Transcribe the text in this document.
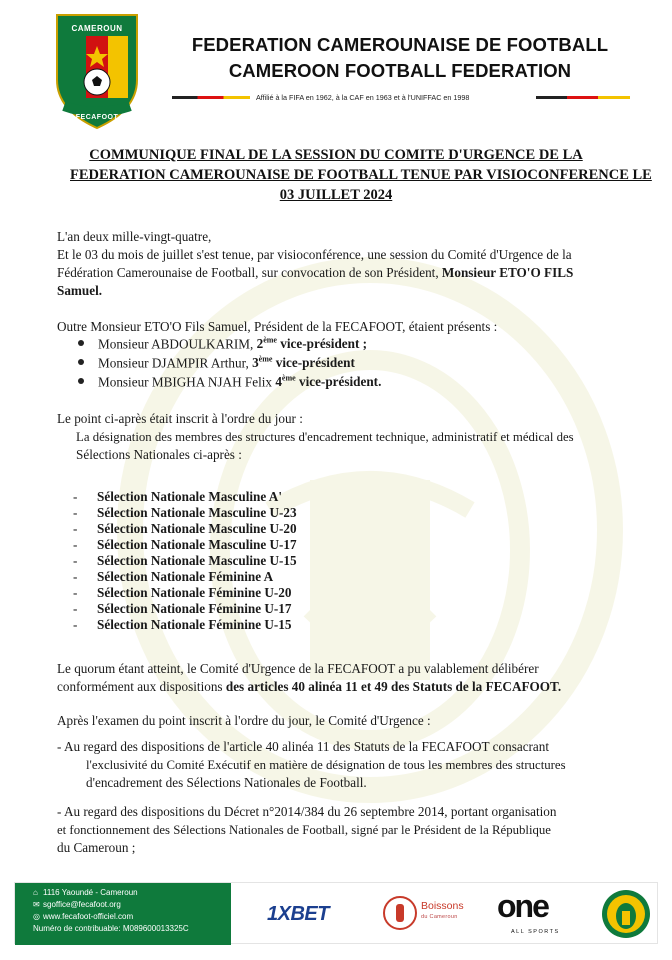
CAMEROUN
FECAFOOT
FEDERATION CAMEROUNAISE DE FOOTBALL
CAMEROON FOOTBALL FEDERATION
Affilié à la FIFA en 1962, à la CAF en 1963 et à l'UNIFFAC en 1998
COMMUNIQUE FINAL DE LA SESSION DU COMITE D'URGENCE DE LA
FEDERATION CAMEROUNAISE DE FOOTBALL TENUE PAR VISIOCONFERENCE LE
03 JUILLET 2024
L'an deux mille-vingt-quatre,
Et le 03 du mois de juillet s'est tenue, par visioconférence, une session du Comité d'Urgence de la
Fédération Camerounaise de Football, sur convocation de son Président, Monsieur ETO'O FILS
Samuel.
Outre Monsieur ETO'O Fils Samuel, Président de la FECAFOOT, étaient présents :
Monsieur ABDOULKARIM, 2ème vice-président ;
Monsieur DJAMPIR Arthur, 3ème vice-président
Monsieur MBIGHA NJAH Felix 4ème vice-président.
Le point ci-après était inscrit à l'ordre du jour :
La désignation des membres des structures d'encadrement technique, administratif et médical des
Sélections Nationales ci-après :
- Sélection Nationale Masculine A'
- Sélection Nationale Masculine U-23
- Sélection Nationale Masculine U-20
- Sélection Nationale Masculine U-17
- Sélection Nationale Masculine U-15
- Sélection Nationale Féminine A
- Sélection Nationale Féminine U-20
- Sélection Nationale Féminine U-17
- Sélection Nationale Féminine U-15
Le quorum étant atteint, le Comité d'Urgence de la FECAFOOT a pu valablement délibérer
conformément aux dispositions des articles 40 alinéa 11 et 49 des Statuts de la FECAFOOT.
Après l'examen du point inscrit à l'ordre du jour, le Comité d'Urgence :
- Au regard des dispositions de l'article 40 alinéa 11 des Statuts de la FECAFOOT consacrant
l'exclusivité du Comité Exécutif en matière de désignation de tous les membres des structures
d'encadrement des Sélections Nationales de Football.
- Au regard des dispositions du Décret n°2014/384 du 26 septembre 2014, portant organisation
et fonctionnement des Sélections Nationales de Football, signé par le Président de la République
du Cameroun ;
⌂ 1116 Yaoundé - Cameroun
✉ sgoffice@fecafoot.org
◎ www.fecafoot-officiel.com
Numéro de contribuable: M089600013325C
1XBET	Boissons
du Cameroun one
ALL SPORTS
